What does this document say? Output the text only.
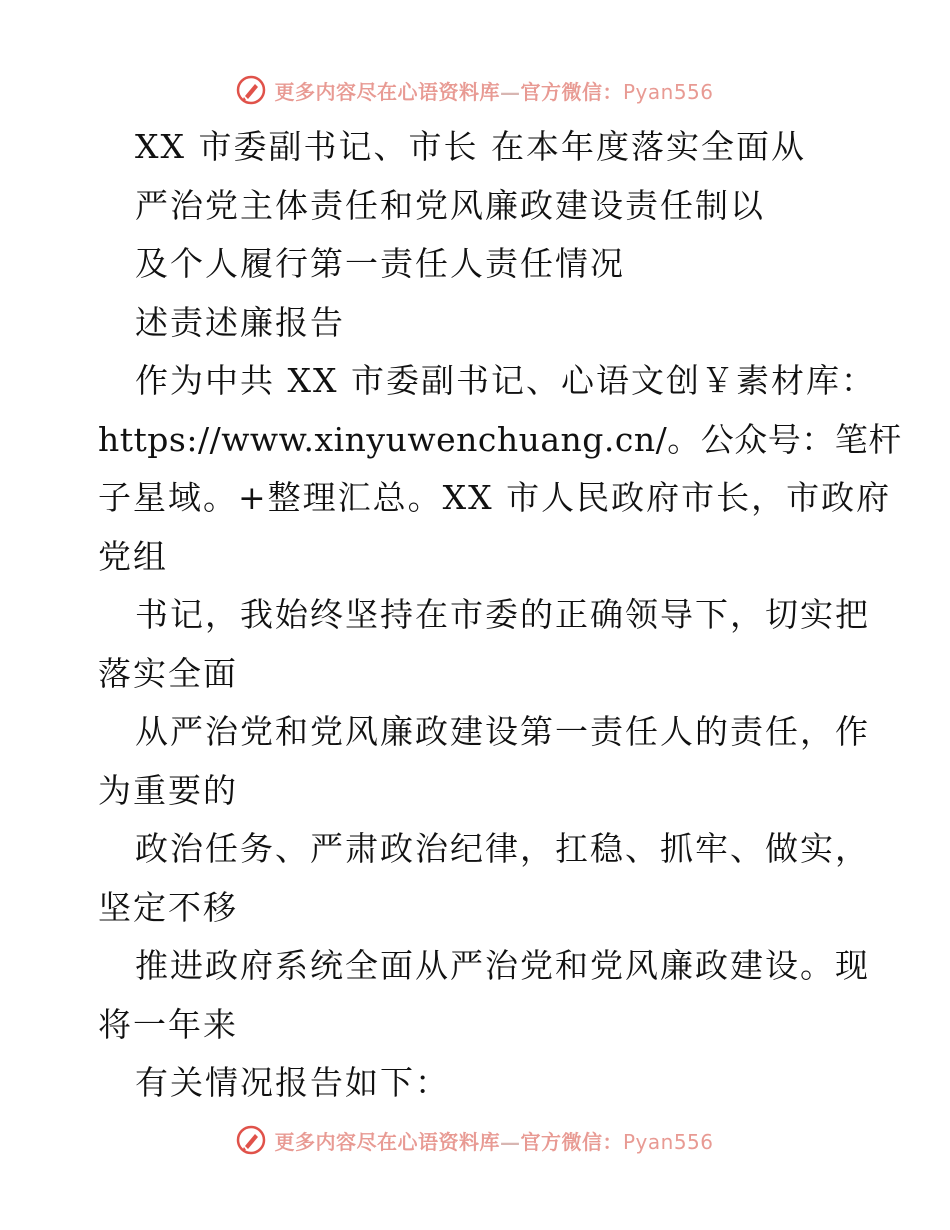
更多内容尽在心语资料库—官方微信：Pyan556
XX 市委副书记、市长 在本年度落实全面从
严治党主体责任和党风廉政建设责任制以
及个人履行第一责任人责任情况
述责述廉报告
作为中共 XX 市委副书记、心语文创￥素材库：
https://www.xinyuwenchuang.cn/。公众号：笔杆
子星域。+整理汇总。XX 市人民政府市长，市政府
党组
书记，我始终坚持在市委的正确领导下，切实把
落实全面
从严治党和党风廉政建设第一责任人的责任，作
为重要的
政治任务、严肃政治纪律，扛稳、抓牢、做实，
坚定不移
推进政府系统全面从严治党和党风廉政建设。现
将一年来
有关情况报告如下：
更多内容尽在心语资料库—官方微信：Pyan556
